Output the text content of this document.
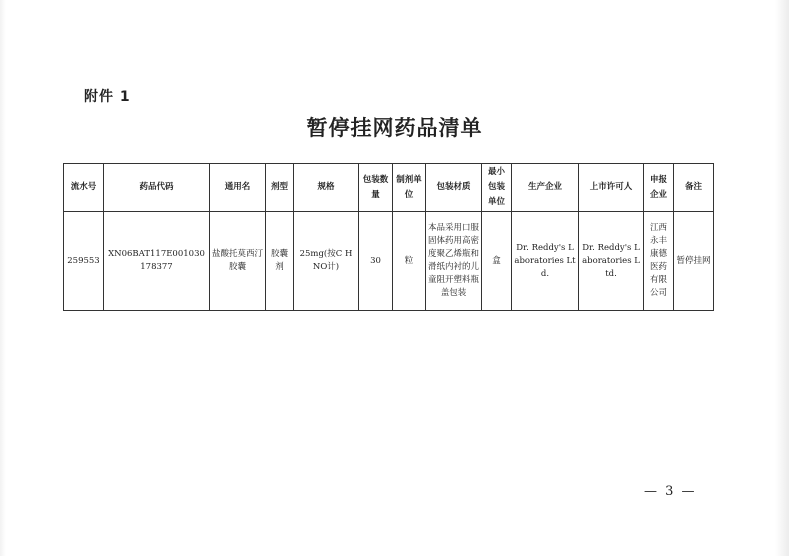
附件 1
暂停挂网药品清单
流水号	药品代码	通用名	剂型	规格	包装数量	制剂单位	包装材质	最小包装单位	生产企业	上市许可人	申报企业	备注
259553	XN06BAT117E001030178377	盐酸托莫西汀胶囊	胶囊剂	25mg(按C H NO计)	30	粒	本品采用口服固体药用高密度聚乙烯瓶和滑纸内衬的儿童阻开塑料瓶盖包装	盒	Dr. Reddy's Laboratories Ltd.	Dr. Reddy's Laboratories Ltd.	江西永丰康德医药有限公司	暂停挂网
— 3 —
